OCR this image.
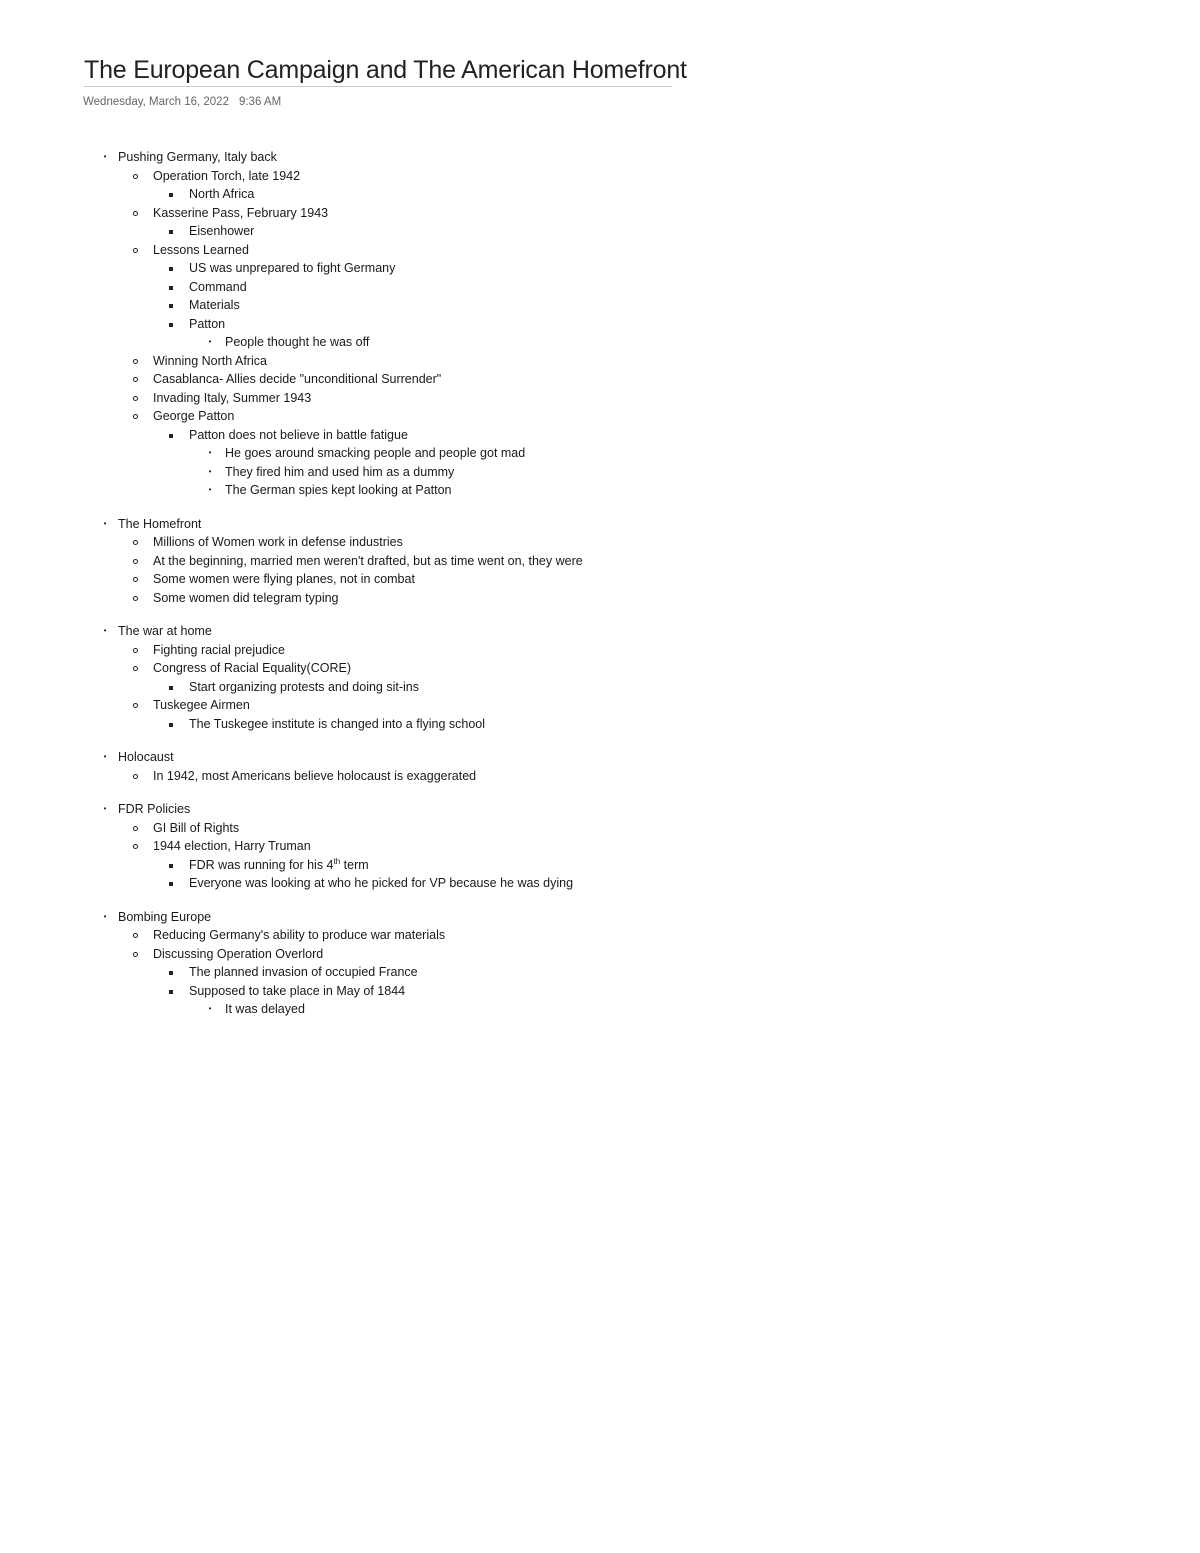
The European Campaign and The American Homefront
Wednesday, March 16, 2022 9:36 AM
• Pushing Germany, Italy back
Operation Torch, late 1942
North Africa
Kasserine Pass, February 1943
Eisenhower
Lessons Learned
US was unprepared to fight Germany
Command
Materials
Patton
• People thought he was off
Winning North Africa
Casablanca- Allies decide "unconditional Surrender"
Invading Italy, Summer 1943
George Patton
Patton does not believe in battle fatigue
• He goes around smacking people and people got mad
• They fired him and used him as a dummy
• The German spies kept looking at Patton
• The Homefront
Millions of Women work in defense industries
At the beginning, married men weren't drafted, but as time went on, they were
Some women were flying planes, not in combat
Some women did telegram typing
• The war at home
Fighting racial prejudice
Congress of Racial Equality(CORE)
Start organizing protests and doing sit-ins
Tuskegee Airmen
The Tuskegee institute is changed into a flying school
• Holocaust
In 1942, most Americans believe holocaust is exaggerated
• FDR Policies
GI Bill of Rights
1944 election, Harry Truman
FDR was running for his 4th term
Everyone was looking at who he picked for VP because he was dying
• Bombing Europe
Reducing Germany's ability to produce war materials
Discussing Operation Overlord
The planned invasion of occupied France
Supposed to take place in May of 1844
• It was delayed
